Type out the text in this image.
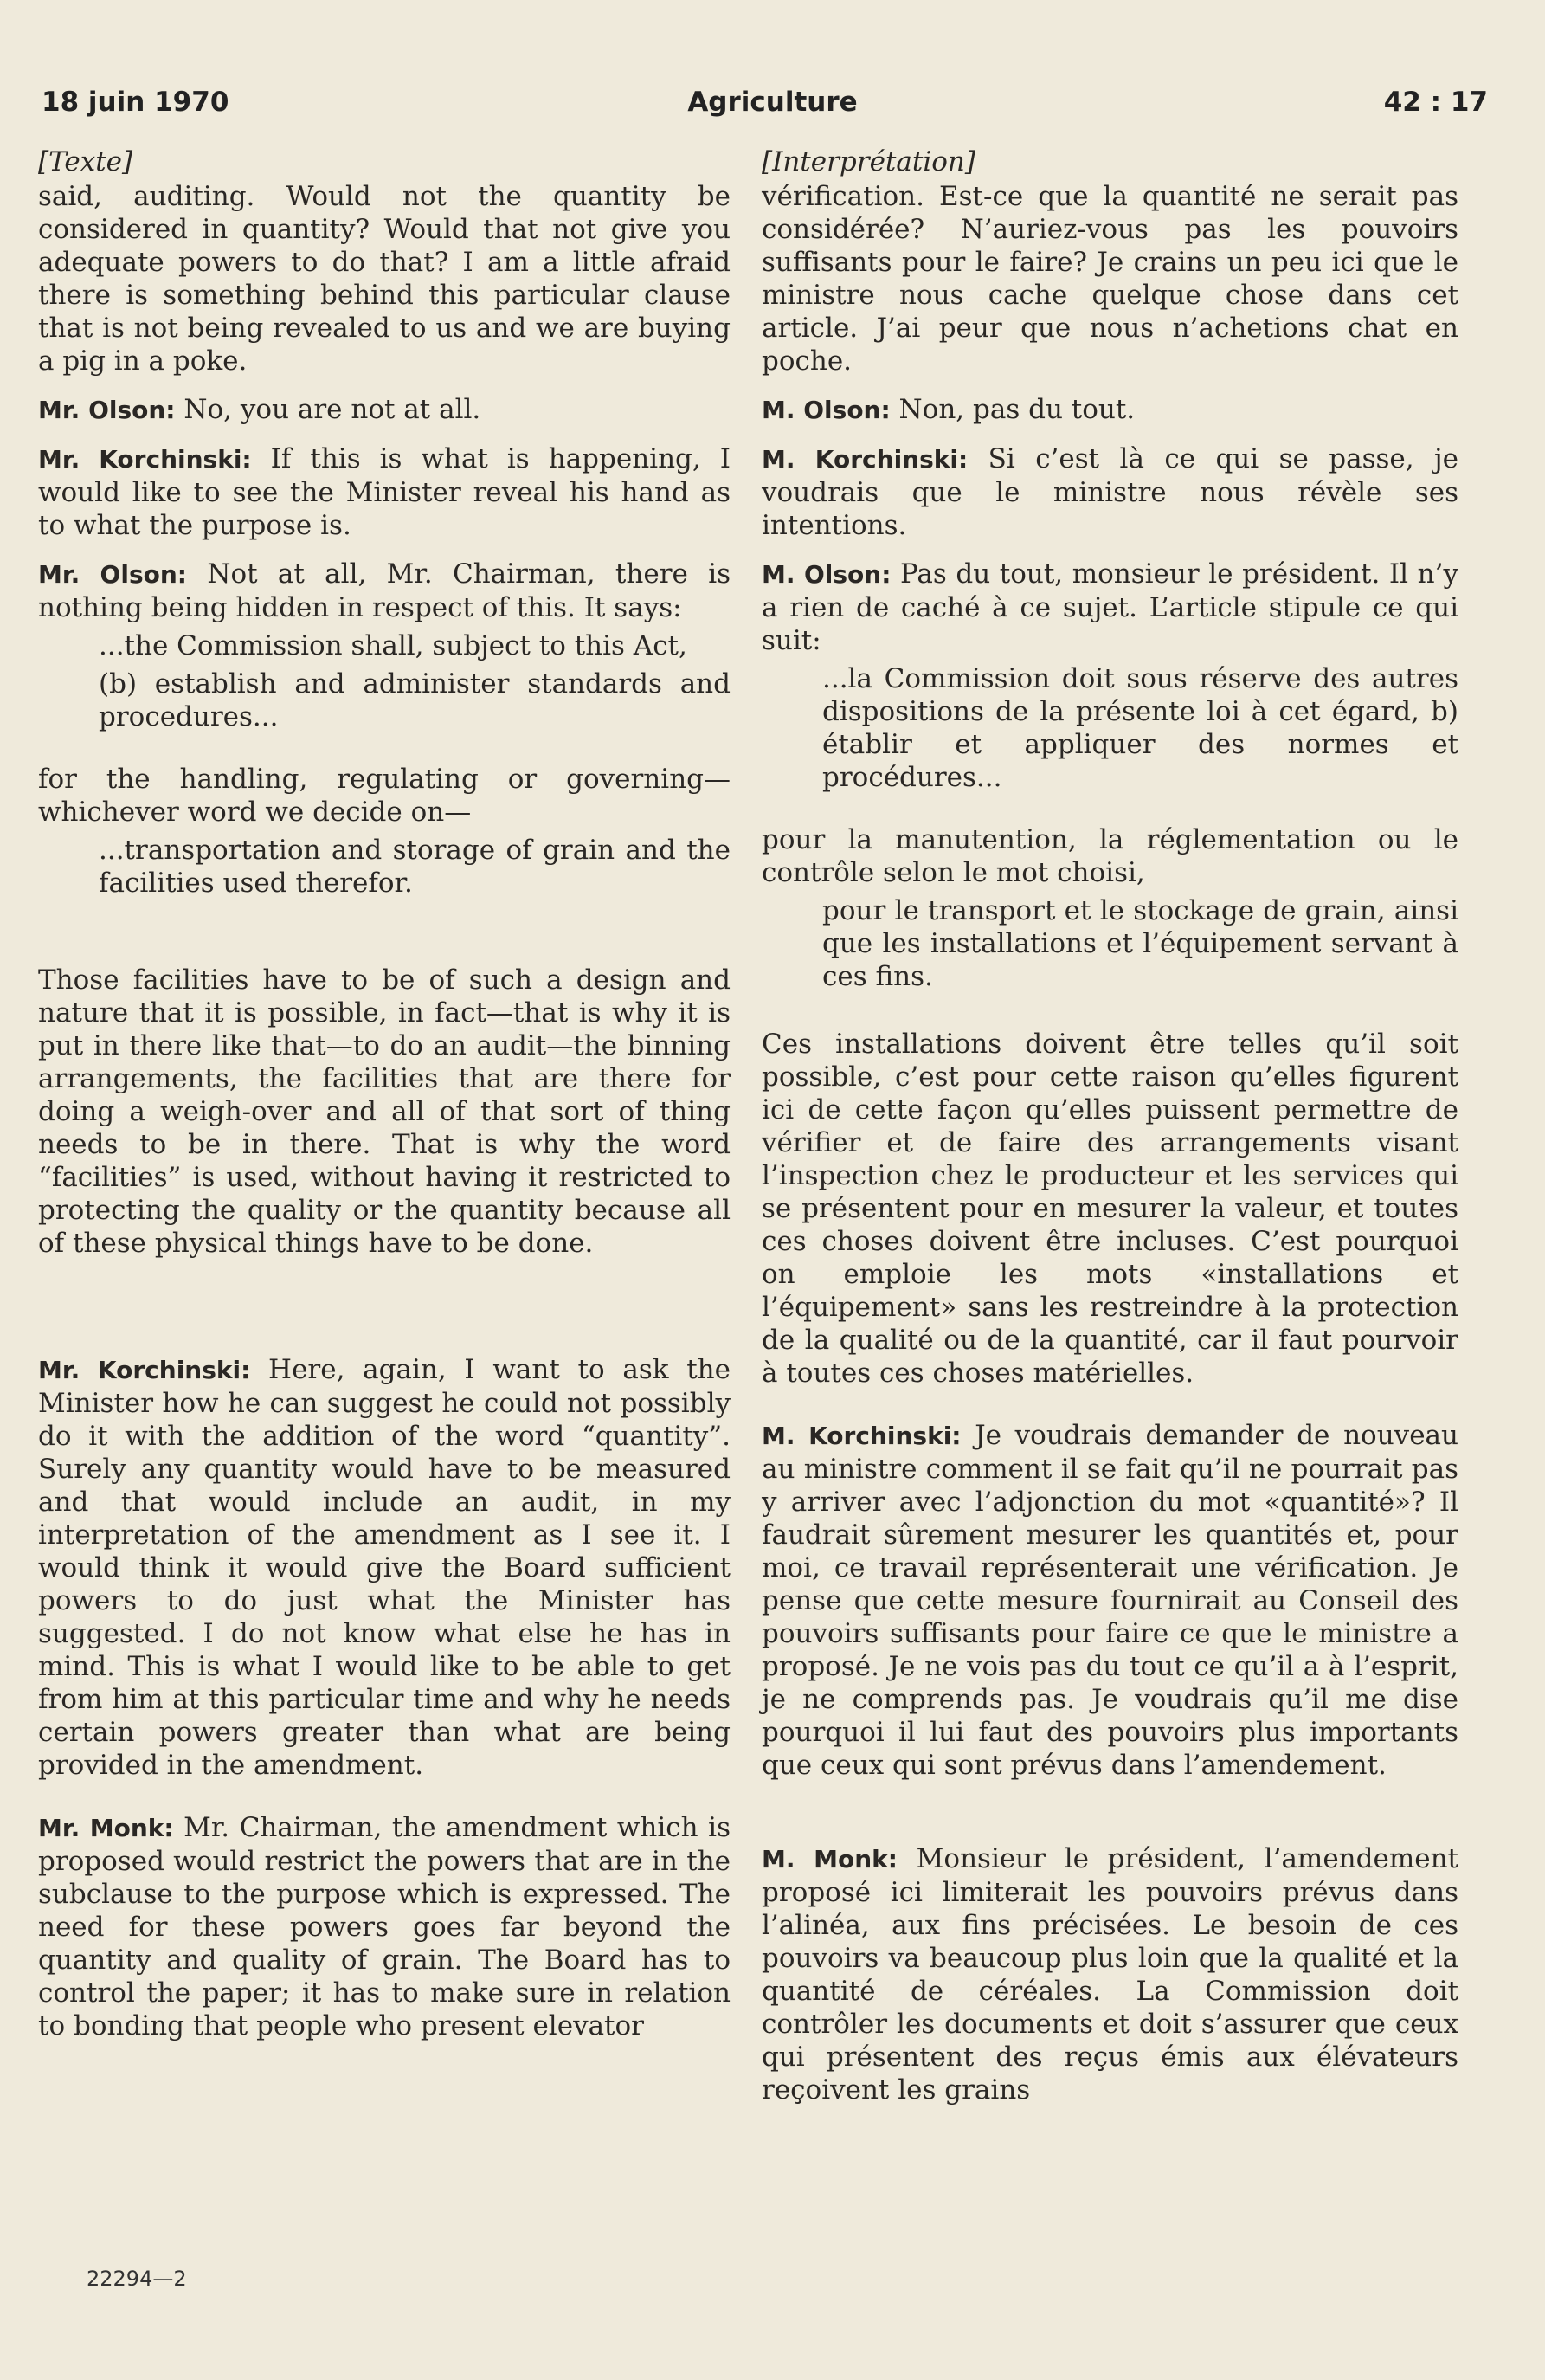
18 juin 1970	Agriculture	42 : 17
[Texte]

said, auditing. Would not the quantity be considered in quantity? Would that not give you adequate powers to do that? I am a little afraid there is something behind this particular clause that is not being revealed to us and we are buying a pig in a poke.

Mr. Olson: No, you are not at all.

Mr. Korchinski: If this is what is happening, I would like to see the Minister reveal his hand as to what the purpose is.

Mr. Olson: Not at all, Mr. Chairman, there is nothing being hidden in respect of this. It says:

...the Commission shall, subject to this Act,

(b) establish and administer standards and procedures...

for the handling, regulating or governing—whichever word we decide on—

...transportation and storage of grain and the facilities used therefor.

Those facilities have to be of such a design and nature that it is possible, in fact—that is why it is put in there like that—to do an audit—the binning arrangements, the facilities that are there for doing a weigh-over and all of that sort of thing needs to be in there. That is why the word “facilities” is used, without having it restricted to protecting the quality or the quantity because all of these physical things have to be done.

Mr. Korchinski: Here, again, I want to ask the Minister how he can suggest he could not possibly do it with the addition of the word “quantity”. Surely any quantity would have to be measured and that would include an audit, in my interpretation of the amendment as I see it. I would think it would give the Board sufficient powers to do just what the Minister has suggested. I do not know what else he has in mind. This is what I would like to be able to get from him at this particular time and why he needs certain powers greater than what are being provided in the amendment.

Mr. Monk: Mr. Chairman, the amendment which is proposed would restrict the powers that are in the subclause to the purpose which is expressed. The need for these powers goes far beyond the quantity and quality of grain. The Board has to control the paper; it has to make sure in relation to bonding that people who present elevator

[Interprétation]

vérification. Est-ce que la quantité ne serait pas considérée? N’auriez-vous pas les pouvoirs suffisants pour le faire? Je crains un peu ici que le ministre nous cache quelque chose dans cet article. J’ai peur que nous n’achetions chat en poche.

M. Olson: Non, pas du tout.

M. Korchinski: Si c’est là ce qui se passe, je voudrais que le ministre nous révèle ses intentions.

M. Olson: Pas du tout, monsieur le président. Il n’y a rien de caché à ce sujet. L’article stipule ce qui suit:

...la Commission doit sous réserve des autres dispositions de la présente loi à cet égard, b) établir et appliquer des normes et procédures...

pour la manutention, la réglementation ou le contrôle selon le mot choisi,

pour le transport et le stockage de grain, ainsi que les installations et l’équipement servant à ces fins.

Ces installations doivent être telles qu’il soit possible, c’est pour cette raison qu’elles figurent ici de cette façon qu’elles puissent permettre de vérifier et de faire des arrangements visant l’inspection chez le producteur et les services qui se présentent pour en mesurer la valeur, et toutes ces choses doivent être incluses. C’est pourquoi on emploie les mots «installations et l’équipement» sans les restreindre à la protection de la qualité ou de la quantité, car il faut pourvoir à toutes ces choses matérielles.

M. Korchinski: Je voudrais demander de nouveau au ministre comment il se fait qu’il ne pourrait pas y arriver avec l’adjonction du mot «quantité»? Il faudrait sûrement mesurer les quantités et, pour moi, ce travail représenterait une vérification. Je pense que cette mesure fournirait au Conseil des pouvoirs suffisants pour faire ce que le ministre a proposé. Je ne vois pas du tout ce qu’il a à l’esprit, je ne comprends pas. Je voudrais qu’il me dise pourquoi il lui faut des pouvoirs plus importants que ceux qui sont prévus dans l’amendement.

M. Monk: Monsieur le président, l’amendement proposé ici limiterait les pouvoirs prévus dans l’alinéa, aux fins précisées. Le besoin de ces pouvoirs va beaucoup plus loin que la qualité et la quantité de céréales. La Commission doit contrôler les documents et doit s’assurer que ceux qui présentent des reçus émis aux élévateurs reçoivent les grains

22294—2
